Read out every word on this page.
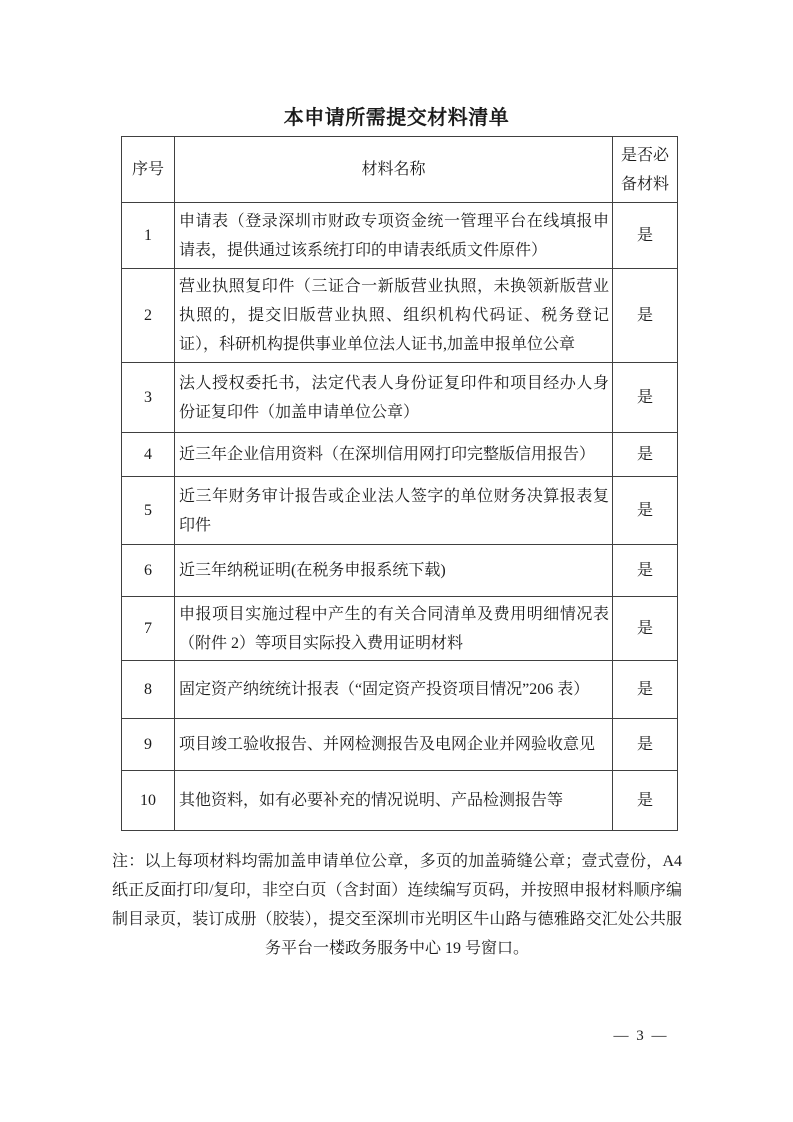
本申请所需提交材料清单
序号	材料名称	是否必备材料
1	申请表（登录深圳市财政专项资金统一管理平台在线填报申请表，提供通过该系统打印的申请表纸质文件原件）	是
2	营业执照复印件（三证合一新版营业执照，未换领新版营业执照的，提交旧版营业执照、组织机构代码证、税务登记证），科研机构提供事业单位法人证书,加盖申报单位公章	是
3	法人授权委托书，法定代表人身份证复印件和项目经办人身份证复印件（加盖申请单位公章）	是
4	近三年企业信用资料（在深圳信用网打印完整版信用报告）	是
5	近三年财务审计报告或企业法人签字的单位财务决算报表复印件	是
6	近三年纳税证明(在税务申报系统下载)	是
7	申报项目实施过程中产生的有关合同清单及费用明细情况表（附件 2）等项目实际投入费用证明材料	是
8	固定资产纳统统计报表（“固定资产投资项目情况”206 表）	是
9	项目竣工验收报告、并网检测报告及电网企业并网验收意见	是
10	其他资料，如有必要补充的情况说明、产品检测报告等	是

注：以上每项材料均需加盖申请单位公章，多页的加盖骑缝公章；壹式壹份，A4纸正反面打印/复印，非空白页（含封面）连续编写页码，并按照申报材料顺序编制目录页，装订成册（胶装），提交至深圳市光明区牛山路与德雅路交汇处公共服务平台一楼政务服务中心 19 号窗口。

— 3 —
